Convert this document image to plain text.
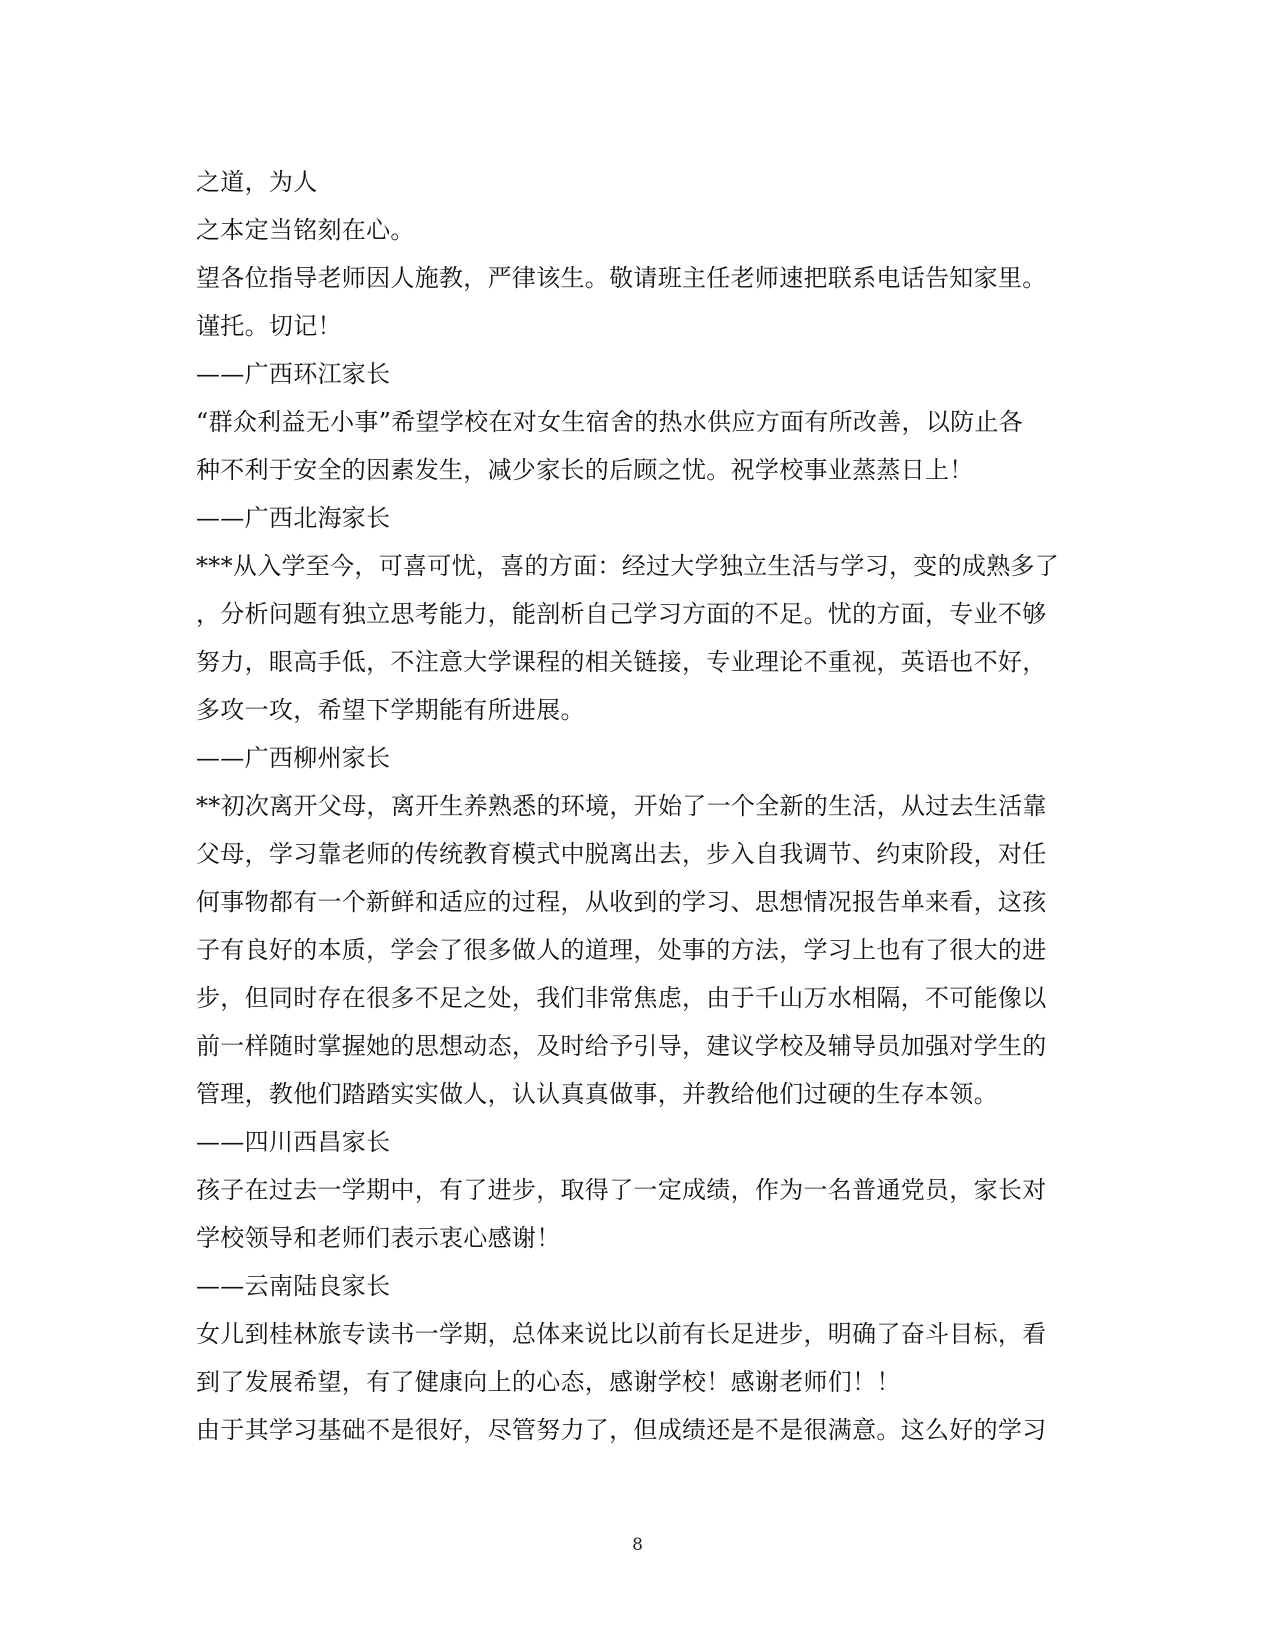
之道，为人
之本定当铭刻在心。
望各位指导老师因人施教，严律该生。敬请班主任老师速把联系电话告知家里。
谨托。切记！
——广西环江家长
“群众利益无小事”希望学校在对女生宿舍的热水供应方面有所改善，以防止各
种不利于安全的因素发生，减少家长的后顾之忧。祝学校事业蒸蒸日上！
——广西北海家长
***从入学至今，可喜可忧，喜的方面：经过大学独立生活与学习，变的成熟多了
，分析问题有独立思考能力，能剖析自己学习方面的不足。忧的方面，专业不够
努力，眼高手低，不注意大学课程的相关链接，专业理论不重视，英语也不好，
多攻一攻，希望下学期能有所进展。
——广西柳州家长
**初次离开父母，离开生养熟悉的环境，开始了一个全新的生活，从过去生活靠
父母，学习靠老师的传统教育模式中脱离出去，步入自我调节、约束阶段，对任
何事物都有一个新鲜和适应的过程，从收到的学习、思想情况报告单来看，这孩
子有良好的本质，学会了很多做人的道理，处事的方法，学习上也有了很大的进
步，但同时存在很多不足之处，我们非常焦虑，由于千山万水相隔，不可能像以
前一样随时掌握她的思想动态，及时给予引导，建议学校及辅导员加强对学生的
管理，教他们踏踏实实做人，认认真真做事，并教给他们过硬的生存本领。
——四川西昌家长
孩子在过去一学期中，有了进步，取得了一定成绩，作为一名普通党员，家长对
学校领导和老师们表示衷心感谢！
——云南陆良家长
女儿到桂林旅专读书一学期，总体来说比以前有长足进步，明确了奋斗目标，看
到了发展希望，有了健康向上的心态，感谢学校！感谢老师们！！
由于其学习基础不是很好，尽管努力了，但成绩还是不是很满意。这么好的学习
8
